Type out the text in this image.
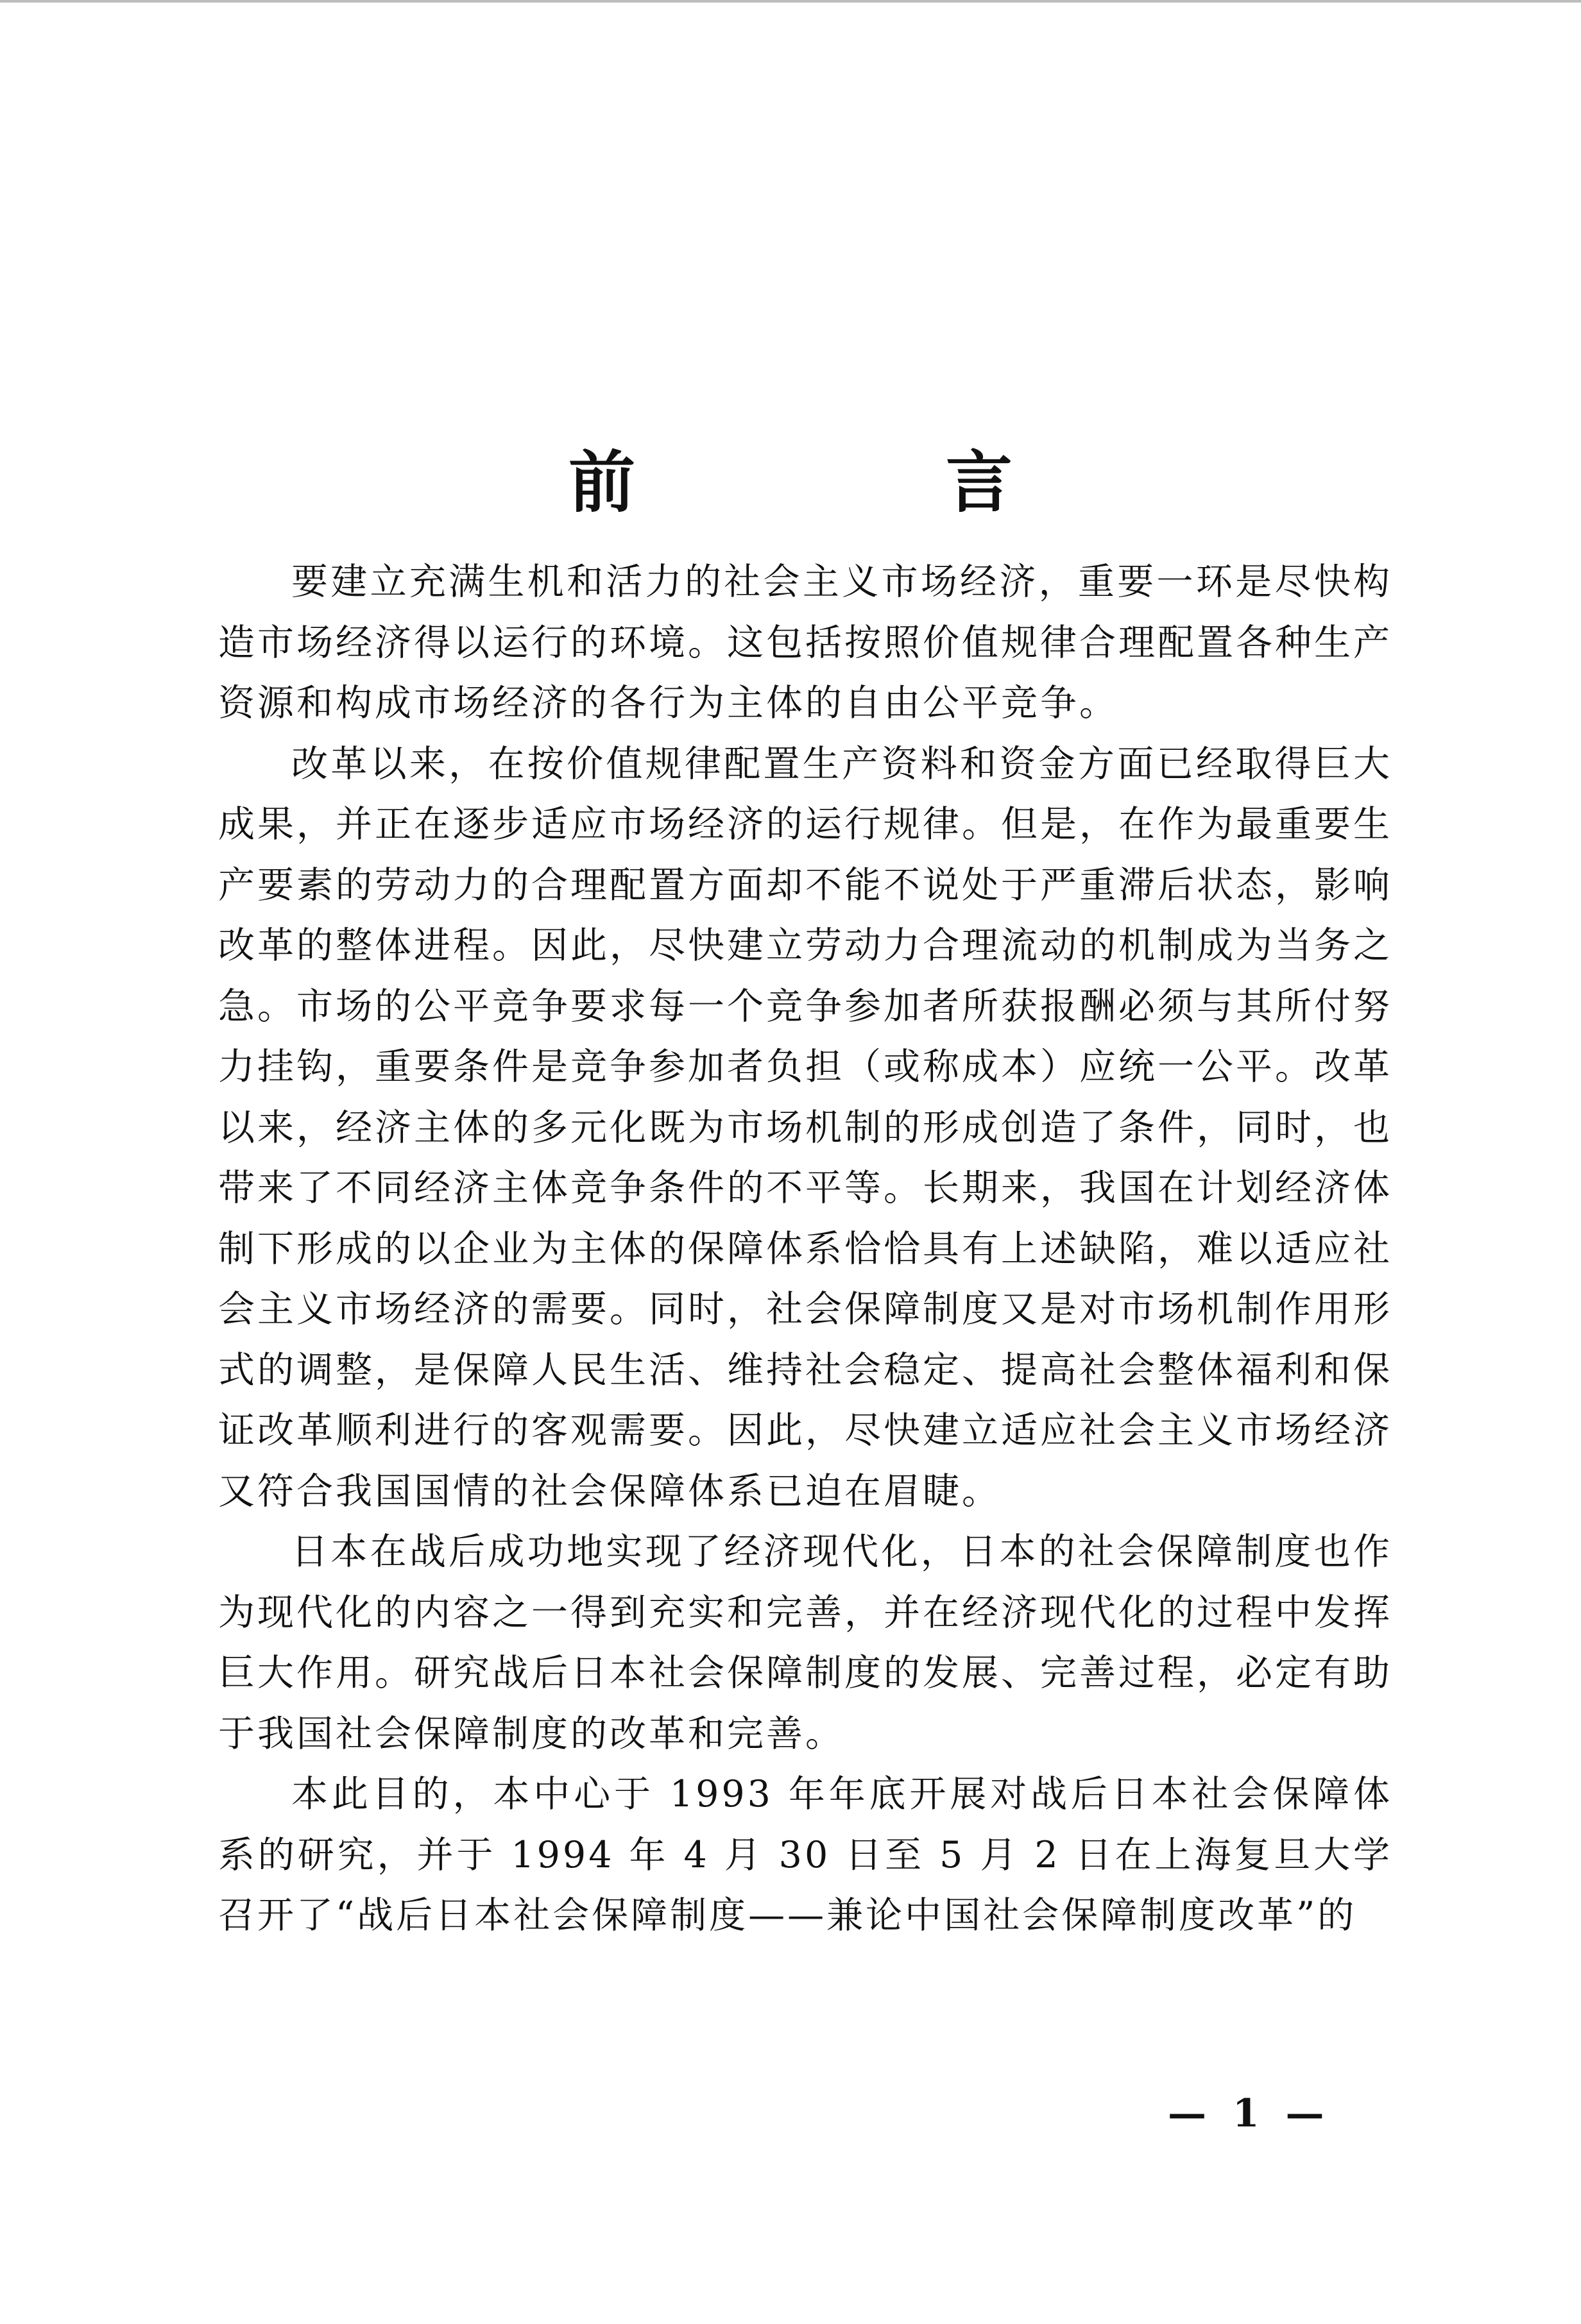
前　言

要建立充满生机和活力的社会主义市场经济，重要一环是尽快构造市场经济得以运行的环境。这包括按照价值规律合理配置各种生产资源和构成市场经济的各行为主体的自由公平竞争。

改革以来，在按价值规律配置生产资料和资金方面已经取得巨大成果，并正在逐步适应市场经济的运行规律。但是，在作为最重要生产要素的劳动力的合理配置方面却不能不说处于严重滞后状态，影响改革的整体进程。因此，尽快建立劳动力合理流动的机制成为当务之急。市场的公平竞争要求每一个竞争参加者所获报酬必须与其所付努力挂钩，重要条件是竞争参加者负担（或称成本）应统一公平。改革以来，经济主体的多元化既为市场机制的形成创造了条件，同时，也带来了不同经济主体竞争条件的不平等。长期来，我国在计划经济体制下形成的以企业为主体的保障体系恰恰具有上述缺陷，难以适应社会主义市场经济的需要。同时，社会保障制度又是对市场机制作用形式的调整，是保障人民生活、维持社会稳定、提高社会整体福利和保证改革顺利进行的客观需要。因此，尽快建立适应社会主义市场经济又符合我国国情的社会保障体系已迫在眉睫。

日本在战后成功地实现了经济现代化，日本的社会保障制度也作为现代化的内容之一得到充实和完善，并在经济现代化的过程中发挥巨大作用。研究战后日本社会保障制度的发展、完善过程，必定有助于我国社会保障制度的改革和完善。

本此目的，本中心于 1993 年年底开展对战后日本社会保障体系的研究，并于 1994 年 4 月 30 日至 5 月 2 日在上海复旦大学召开了“战后日本社会保障制度——兼论中国社会保障制度改革”的

— 1 —
